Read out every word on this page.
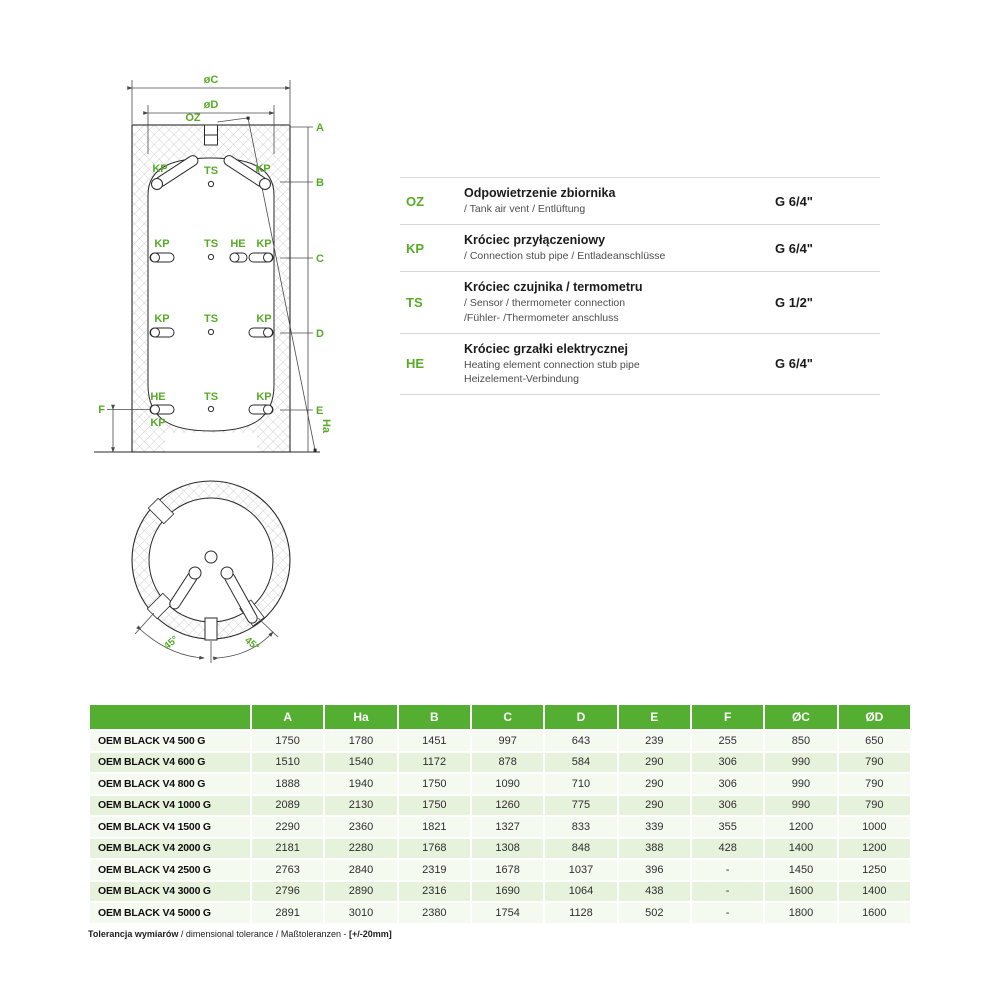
OZ
øC
øD
A
B
C
D
E
Ha
KP	KP
TS
KP	TS HE KP
KP	TS	KP
HE
KP
TS	KP
F
45°	45°
OZ
Odpowietrzenie zbiornika
/ Tank air vent / Entlüftung
G 6/4"
KP
Króciec przyłączeniowy
/ Connection stub pipe / Entladeanschlüsse
G 6/4"
TS
Króciec czujnika / termometru
/ Sensor / thermometer connection
/Fühler- /Thermometer anschluss
G 1/2"
HE
Króciec grzałki elektrycznej
Heating element connection stub pipe
Heizelement-Verbindung
G 6/4"
	A	Ha	B	C	D	E	F	ØC	ØD
OEM BLACK V4 500 G	1750	1780	1451	997	643	239	255	850	650
OEM BLACK V4 600 G	1510	1540	1172	878	584	290	306	990	790
OEM BLACK V4 800 G	1888	1940	1750	1090	710	290	306	990	790
OEM BLACK V4 1000 G	2089	2130	1750	1260	775	290	306	990	790
OEM BLACK V4 1500 G	2290	2360	1821	1327	833	339	355	1200	1000
OEM BLACK V4 2000 G	2181	2280	1768	1308	848	388	428	1400	1200
OEM BLACK V4 2500 G	2763	2840	2319	1678	1037	396	-	1450	1250
OEM BLACK V4 3000 G	2796	2890	2316	1690	1064	438	-	1600	1400
OEM BLACK V4 5000 G	2891	3010	2380	1754	1128	502	-	1800	1600
Tolerancja wymiarów / dimensional tolerance / Maßtoleranzen - [+/-20mm]
